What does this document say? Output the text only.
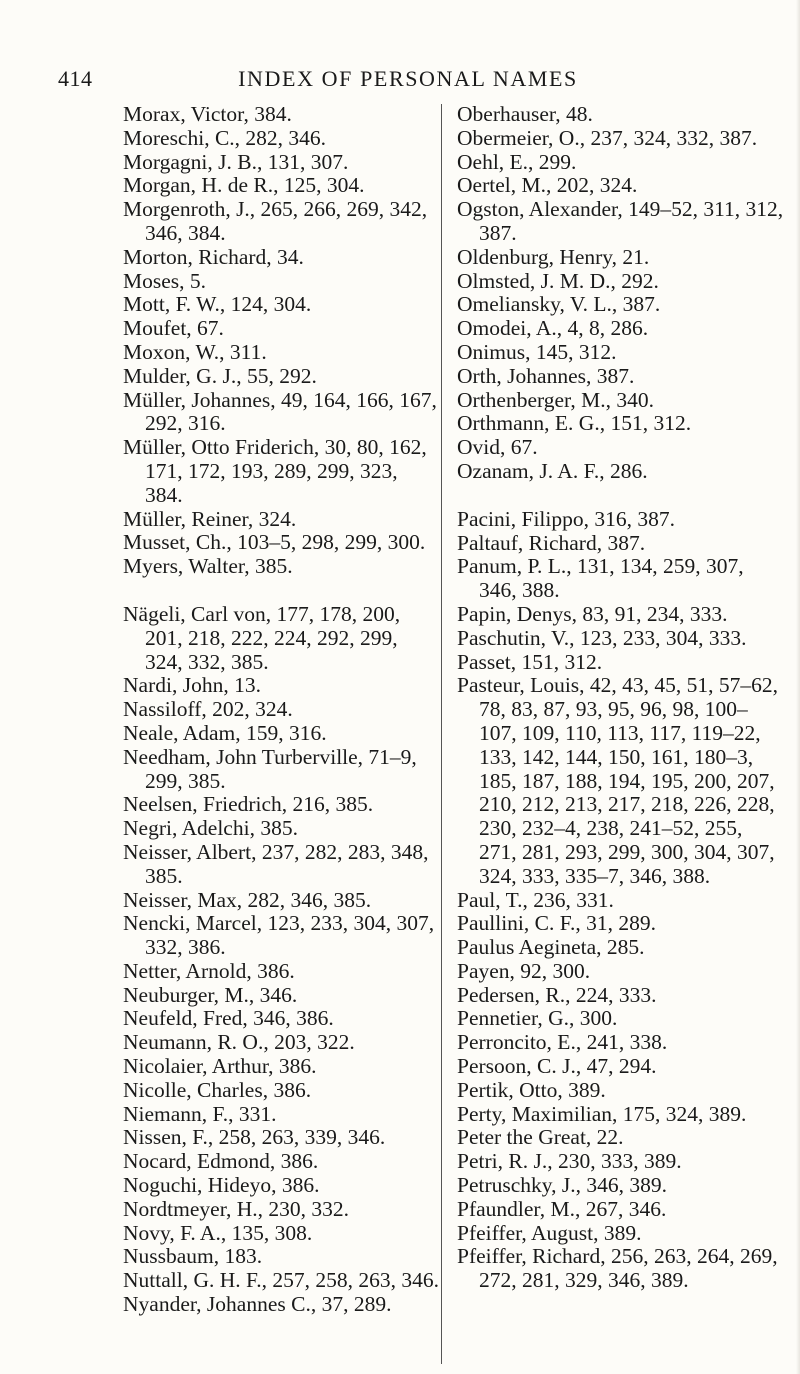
414	INDEX OF PERSONAL NAMES
Morax, Victor, 384.
Moreschi, C., 282, 346.
Morgagni, J. B., 131, 307.
Morgan, H. de R., 125, 304.
Morgenroth, J., 265, 266, 269, 342, 346, 384.
Morton, Richard, 34.
Moses, 5.
Mott, F. W., 124, 304.
Moufet, 67.
Moxon, W., 311.
Mulder, G. J., 55, 292.
Müller, Johannes, 49, 164, 166, 167, 292, 316.
Müller, Otto Friderich, 30, 80, 162, 171, 172, 193, 289, 299, 323, 384.
Müller, Reiner, 324.
Musset, Ch., 103–5, 298, 299, 300.
Myers, Walter, 385.
Nägeli, Carl von, 177, 178, 200, 201, 218, 222, 224, 292, 299, 324, 332, 385.
Nardi, John, 13.
Nassiloff, 202, 324.
Neale, Adam, 159, 316.
Needham, John Turberville, 71–9, 299, 385.
Neelsen, Friedrich, 216, 385.
Negri, Adelchi, 385.
Neisser, Albert, 237, 282, 283, 348, 385.
Neisser, Max, 282, 346, 385.
Nencki, Marcel, 123, 233, 304, 307, 332, 386.
Netter, Arnold, 386.
Neuburger, M., 346.
Neufeld, Fred, 346, 386.
Neumann, R. O., 203, 322.
Nicolaier, Arthur, 386.
Nicolle, Charles, 386.
Niemann, F., 331.
Nissen, F., 258, 263, 339, 346.
Nocard, Edmond, 386.
Noguchi, Hideyo, 386.
Nordtmeyer, H., 230, 332.
Novy, F. A., 135, 308.
Nussbaum, 183.
Nuttall, G. H. F., 257, 258, 263, 346.
Nyander, Johannes C., 37, 289.
Oberhauser, 48.
Obermeier, O., 237, 324, 332, 387.
Oehl, E., 299.
Oertel, M., 202, 324.
Ogston, Alexander, 149–52, 311, 312, 387.
Oldenburg, Henry, 21.
Olmsted, J. M. D., 292.
Omeliansky, V. L., 387.
Omodei, A., 4, 8, 286.
Onimus, 145, 312.
Orth, Johannes, 387.
Orthenberger, M., 340.
Orthmann, E. G., 151, 312.
Ovid, 67.
Ozanam, J. A. F., 286.
Pacini, Filippo, 316, 387.
Paltauf, Richard, 387.
Panum, P. L., 131, 134, 259, 307, 346, 388.
Papin, Denys, 83, 91, 234, 333.
Paschutin, V., 123, 233, 304, 333.
Passet, 151, 312.
Pasteur, Louis, 42, 43, 45, 51, 57–62, 78, 83, 87, 93, 95, 96, 98, 100–107, 109, 110, 113, 117, 119–22, 133, 142, 144, 150, 161, 180–3, 185, 187, 188, 194, 195, 200, 207, 210, 212, 213, 217, 218, 226, 228, 230, 232–4, 238, 241–52, 255, 271, 281, 293, 299, 300, 304, 307, 324, 333, 335–7, 346, 388.
Paul, T., 236, 331.
Paullini, C. F., 31, 289.
Paulus Aegineta, 285.
Payen, 92, 300.
Pedersen, R., 224, 333.
Pennetier, G., 300.
Perroncito, E., 241, 338.
Persoon, C. J., 47, 294.
Pertik, Otto, 389.
Perty, Maximilian, 175, 324, 389.
Peter the Great, 22.
Petri, R. J., 230, 333, 389.
Petruschky, J., 346, 389.
Pfaundler, M., 267, 346.
Pfeiffer, August, 389.
Pfeiffer, Richard, 256, 263, 264, 269, 272, 281, 329, 346, 389.
